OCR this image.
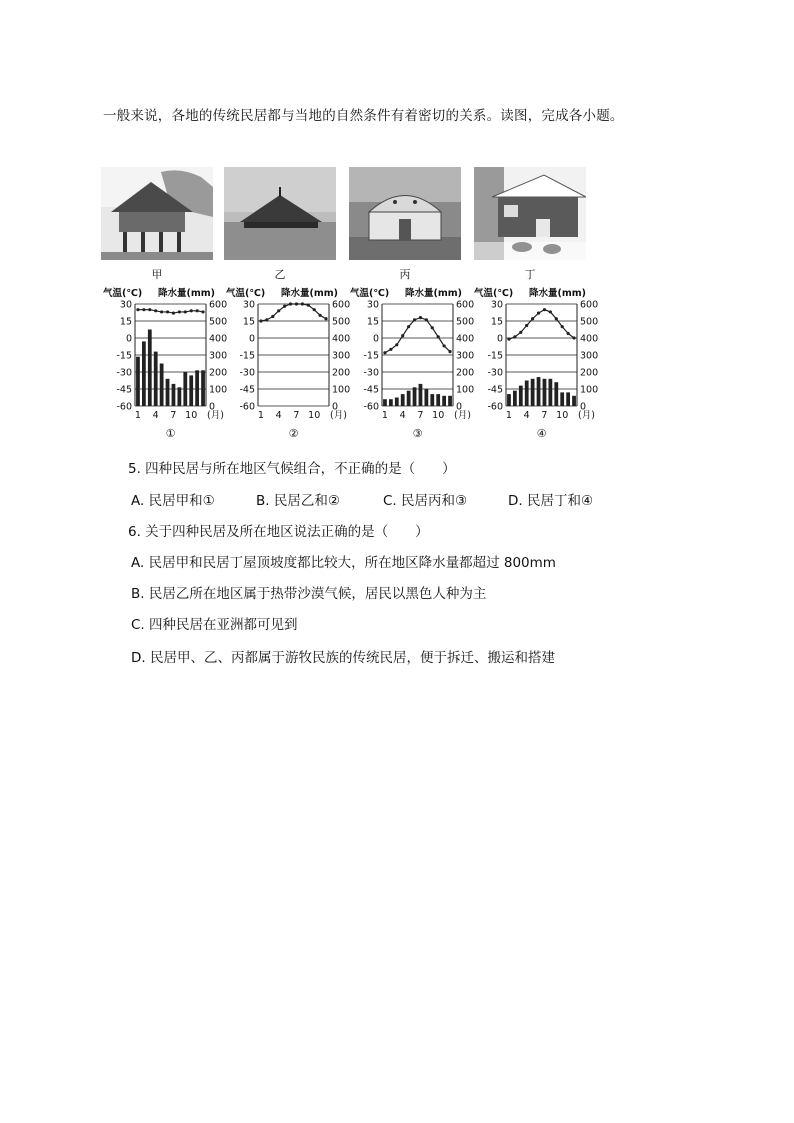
一般来说，各地的传统民居都与当地的自然条件有着密切的关系。读图，完成各小题。
甲	乙	丙	丁
气温(℃) 降水量(mm)
30	600
15	500
0	400
-15	300
-30	200
-45	100
-60	0
1 4 7 10 (月)
①
气温(℃) 降水量(mm)
30	600
15	500
0	400
-15	300
-30	200
-45	100
-60	0
1 4 7 10 (月)
②
气温(℃) 降水量(mm)
30	600
15	500
0	400
-15	300
-30	200
-45	100
-60	0
1 4 7 10 (月)
③
气温(℃) 降水量(mm)
30	600
15	500
0	400
-15	300
-30	200
-45	100
-60	0
1 4 7 10 (月)
④
5. 四种民居与所在地区气候组合，不正确的是（　　）
A. 民居甲和①	B. 民居乙和②	C. 民居丙和③	D. 民居丁和④
6. 关于四种民居及所在地区说法正确的是（　　）
A. 民居甲和民居丁屋顶坡度都比较大，所在地区降水量都超过 800mm
B. 民居乙所在地区属于热带沙漠气候，居民以黑色人种为主
C. 四种民居在亚洲都可见到
D. 民居甲、乙、丙都属于游牧民族的传统民居，便于拆迁、搬运和搭建
